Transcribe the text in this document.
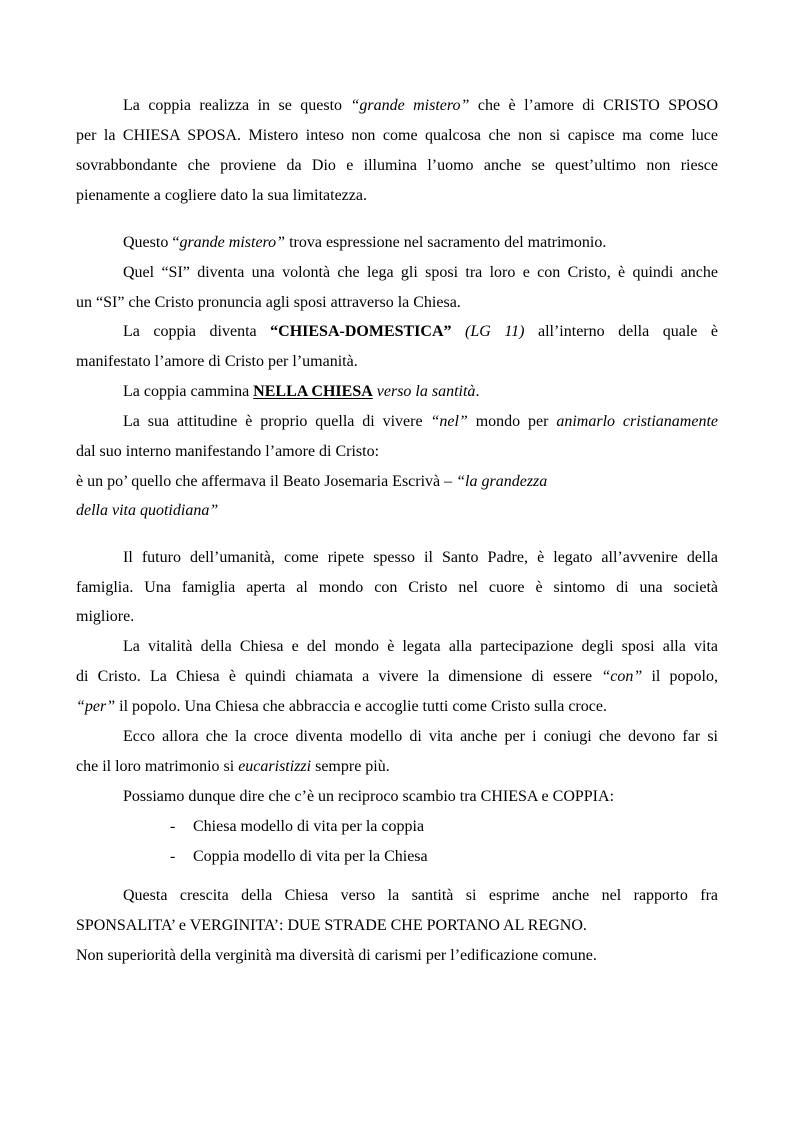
La coppia realizza in se questo “grande mistero” che è l’amore di CRISTO SPOSO
per la CHIESA SPOSA. Mistero inteso non come qualcosa che non si capisce ma come luce
sovrabbondante che proviene da Dio e illumina l’uomo anche se quest’ultimo non riesce
pienamente a cogliere dato la sua limitatezza.
Questo “grande mistero” trova espressione nel sacramento del matrimonio.
Quel “SI” diventa una volontà che lega gli sposi tra loro e con Cristo, è quindi anche
un “SI” che Cristo pronuncia agli sposi attraverso la Chiesa.
La coppia diventa “CHIESA-DOMESTICA” (LG 11) all’interno della quale è
manifestato l’amore di Cristo per l’umanità.
La coppia cammina NELLA CHIESA verso la santità.
La sua attitudine è proprio quella di vivere “nel” mondo per animarlo cristianamente
dal suo interno manifestando l’amore di Cristo:
è un po’ quello che affermava il Beato Josemaria Escrivà – “la grandezza
della vita quotidiana”
Il futuro dell’umanità, come ripete spesso il Santo Padre, è legato all’avvenire della
famiglia. Una famiglia aperta al mondo con Cristo nel cuore è sintomo di una società
migliore.
La vitalità della Chiesa e del mondo è legata alla partecipazione degli sposi alla vita
di Cristo. La Chiesa è quindi chiamata a vivere la dimensione di essere “con” il popolo,
“per” il popolo. Una Chiesa che abbraccia e accoglie tutti come Cristo sulla croce.
Ecco allora che la croce diventa modello di vita anche per i coniugi che devono far si
che il loro matrimonio si eucaristizzi sempre più.
Possiamo dunque dire che c’è un reciproco scambio tra CHIESA e COPPIA:
- Chiesa modello di vita per la coppia
- Coppia modello di vita per la Chiesa
Questa crescita della Chiesa verso la santità si esprime anche nel rapporto fra
SPONSALITA’ e VERGINITA’: DUE STRADE CHE PORTANO AL REGNO.
Non superiorità della verginità ma diversità di carismi per l’edificazione comune.
